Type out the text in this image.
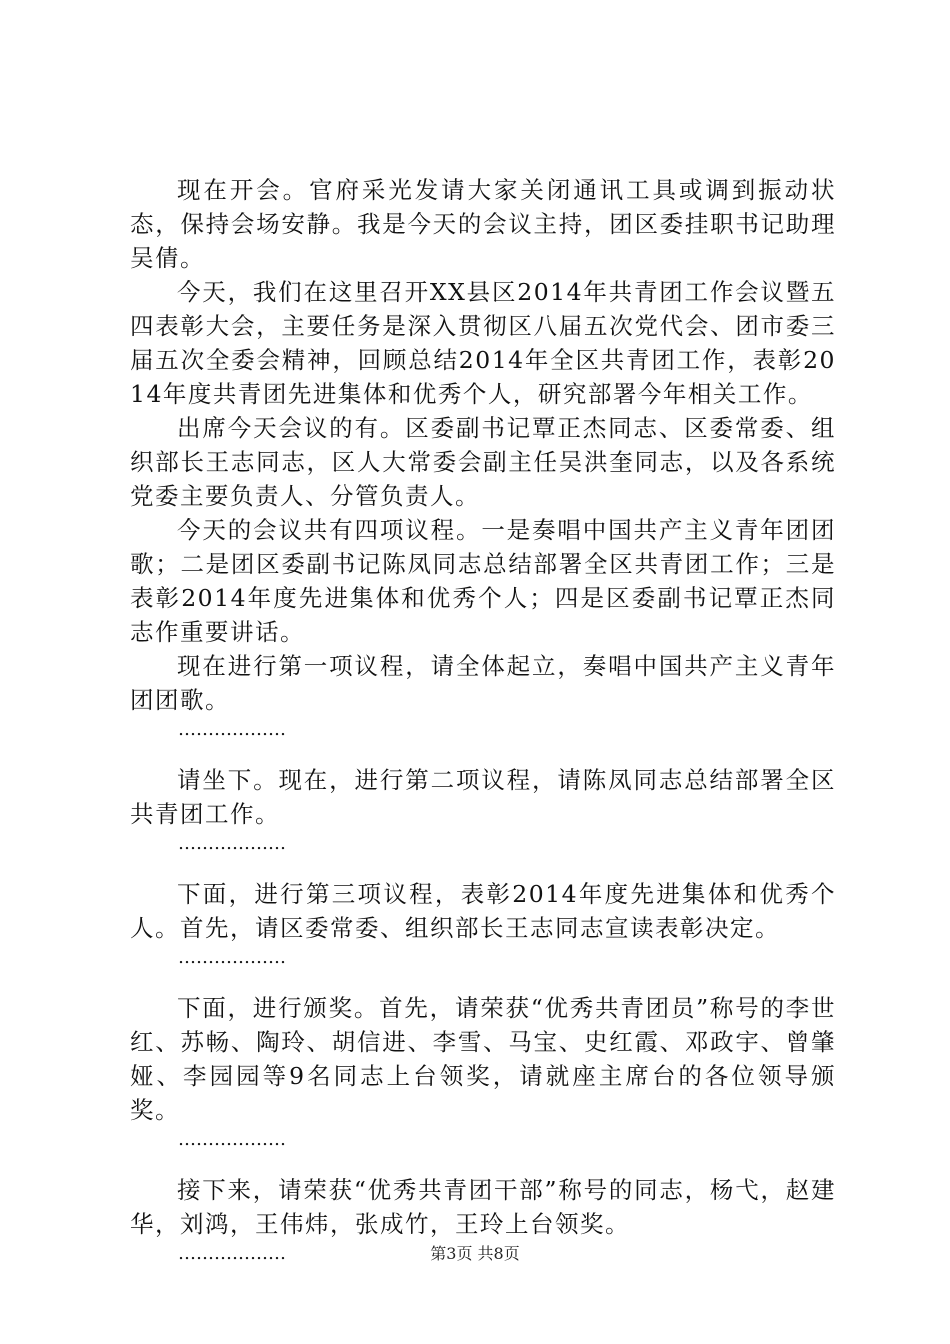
现在开会。官府采光发请大家关闭通讯工具或调到振动状态，保持会场安静。我是今天的会议主持，团区委挂职书记助理吴倩。

今天，我们在这里召开XX县区2014年共青团工作会议暨五四表彰大会，主要任务是深入贯彻区八届五次党代会、团市委三届五次全委会精神，回顾总结2014年全区共青团工作，表彰2014年度共青团先进集体和优秀个人，研究部署今年相关工作。

出席今天会议的有。区委副书记覃正杰同志、区委常委、组织部长王志同志，区人大常委会副主任吴洪奎同志，以及各系统党委主要负责人、分管负责人。

今天的会议共有四项议程。一是奏唱中国共产主义青年团团歌；二是团区委副书记陈凤同志总结部署全区共青团工作；三是表彰2014年度先进集体和优秀个人；四是区委副书记覃正杰同志作重要讲话。

现在进行第一项议程，请全体起立，奏唱中国共产主义青年团团歌。

………………

请坐下。现在，进行第二项议程，请陈凤同志总结部署全区共青团工作。

………………

下面，进行第三项议程，表彰2014年度先进集体和优秀个人。首先，请区委常委、组织部长王志同志宣读表彰决定。

………………

下面，进行颁奖。首先，请荣获“优秀共青团员”称号的李世红、苏畅、陶玲、胡信进、李雪、马宝、史红霞、邓政宇、曾肇娅、李园园等9名同志上台领奖，请就座主席台的各位领导颁奖。

………………

接下来，请荣获“优秀共青团干部”称号的同志，杨弋，赵建华，刘鸿，王伟炜，张成竹，王玲上台领奖。

………………	第3页 共8页
